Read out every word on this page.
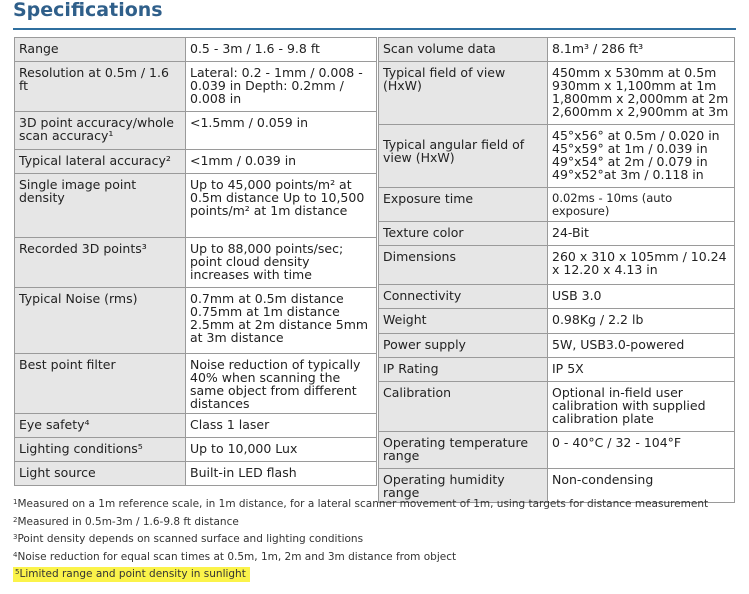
Specifications
Range	0.5 - 3m / 1.6 - 9.8 ft
Resolution at 0.5m / 1.6 ft	Lateral: 0.2 - 1mm / 0.008 - 0.039 in Depth: 0.2mm / 0.008 in
3D point accuracy/whole scan accuracy¹	<1.5mm / 0.059 in
Typical lateral accuracy²	<1mm / 0.039 in
Single image point density	Up to 45,000 points/m² at 0.5m distance Up to 10,500 points/m² at 1m distance
Recorded 3D points³	Up to 88,000 points/sec; point cloud density increases with time
Typical Noise (rms)	0.7mm at 0.5m distance 0.75mm at 1m distance 2.5mm at 2m distance 5mm at 3m distance
Best point filter	Noise reduction of typically 40% when scanning the same object from different distances
Eye safety⁴	Class 1 laser
Lighting conditions⁵	Up to 10,000 Lux
Light source	Built-in LED flash
Scan volume data	8.1m³ / 286 ft³
Typical field of view (HxW)	450mm x 530mm at 0.5m 930mm x 1,100mm at 1m 1,800mm x 2,000mm at 2m 2,600mm x 2,900mm at 3m
Typical angular field of view (HxW)	45°x56° at 0.5m / 0.020 in 45°x59° at 1m / 0.039 in 49°x54° at 2m / 0.079 in 49°x52°at 3m / 0.118 in
Exposure time	0.02ms - 10ms (auto exposure)
Texture color	24-Bit
Dimensions	260 x 310 x 105mm / 10.24 x 12.20 x 4.13 in
Connectivity	USB 3.0
Weight	0.98Kg / 2.2 lb
Power supply	5W, USB3.0-powered
IP Rating	IP 5X
Calibration	Optional in-field user calibration with supplied calibration plate
Operating temperature range	0 - 40°C / 32 - 104°F
Operating humidity range	Non-condensing
$^1$Measured on a 1m reference scale, in 1m distance, for a lateral scanner movement of 1m, using targets for distance measurement
$^2$Measured in 0.5m-3m / 1.6-9.8 ft distance
$^3$Point density depends on scanned surface and lighting conditions
$^4$Noise reduction for equal scan times at 0.5m, 1m, 2m and 3m distance from object
$^5$Limited range and point density in sunlight
